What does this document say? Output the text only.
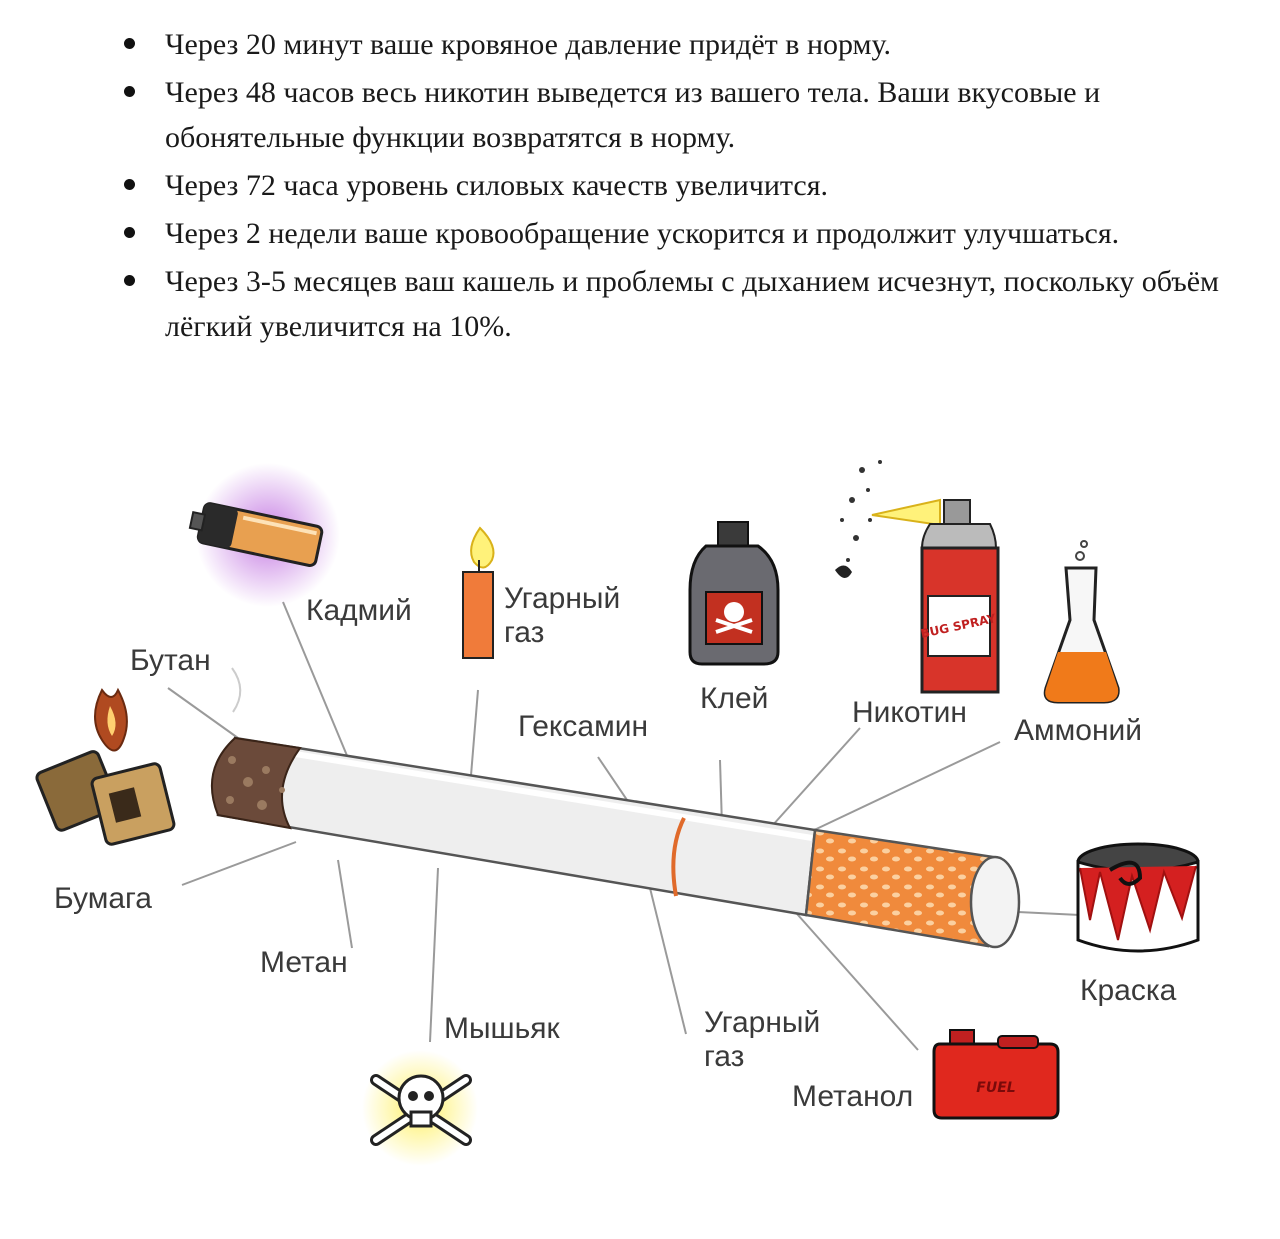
Через 20 минут ваше кровяное давление придёт в норму.
Через 48 часов весь никотин выведется из вашего тела. Ваши вкусовые и обонятельные функции возвратятся в норму.
Через 72 часа уровень силовых качеств увеличится.
Через 2 недели ваше кровообращение ускорится и продолжит улучшаться.
Через 3-5 месяцев ваш кашель и проблемы с дыханием исчезнут, поскольку объём лёгкий увеличится на 10%.
BUG SPRAY
FUEL
Кадмий	Угарный
газ
Бутан
Клей
Гексамин	Никотин
Аммоний
Бумага
Метан
Мышьяк	Угарный
газ
Метанол
Краска
